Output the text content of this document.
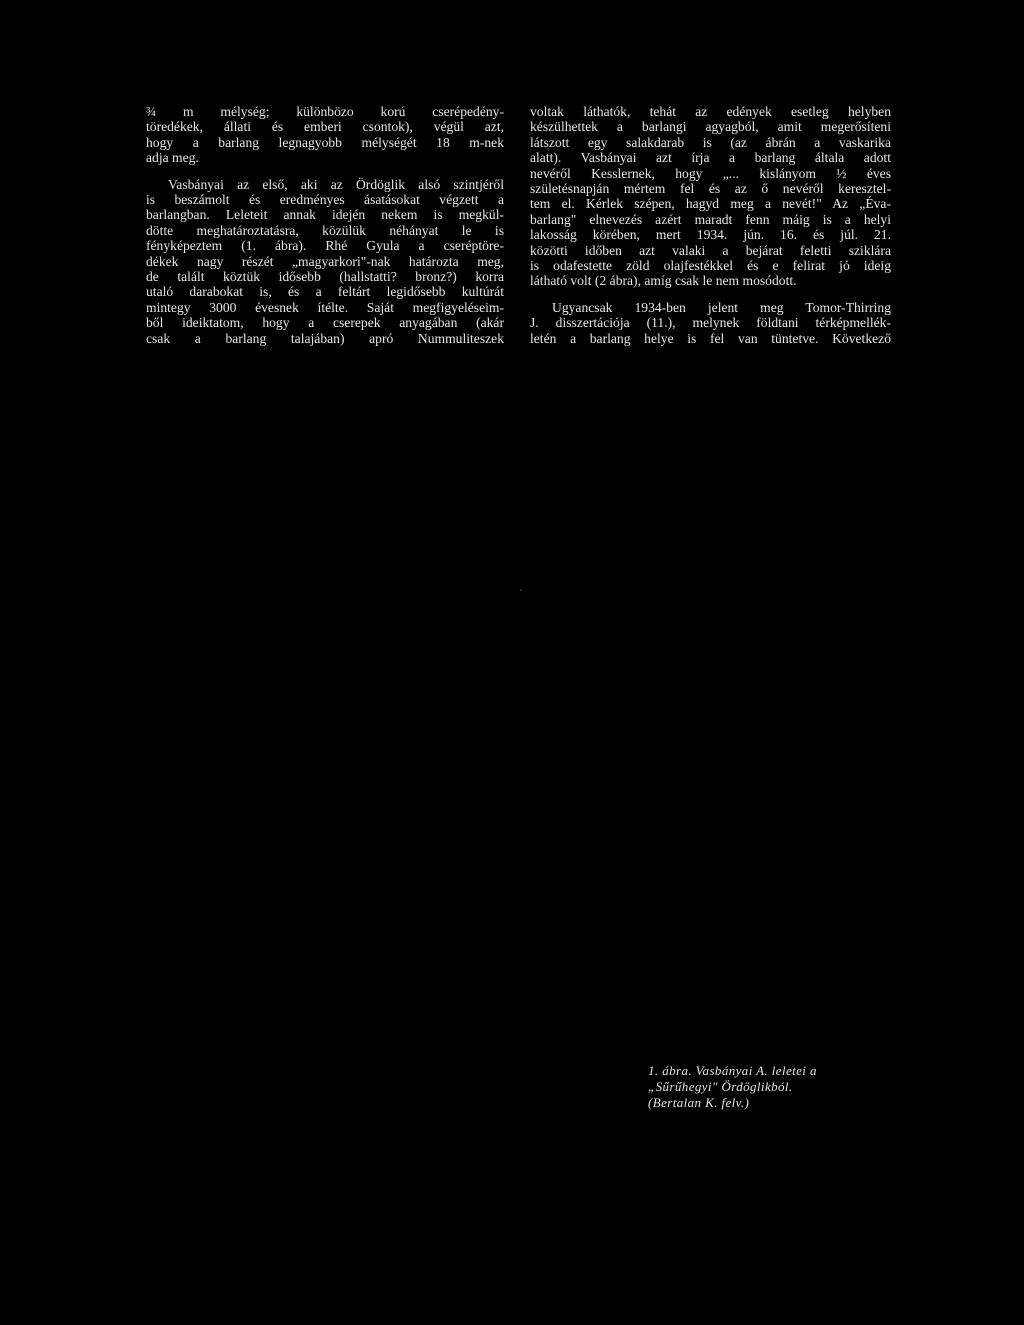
¾ m mélység; különbözo korú cserépedény-
töredékek, állati és emberi csontok), végül azt,
hogy a barlang legnagyobb mélységét 18 m-nek
adja meg.
Vasbányai az első, aki az Ördöglik alsó szintjéről
is beszámolt és eredményes ásatásokat végzett a
barlangban. Leleteit annak idején nekem is megkül-
dötte meghatároztatásra, közülük néhányat le is
fényképeztem (1. ábra). Rhé Gyula a cseréptöre-
dékek nagy részét „magyarkori"-nak határozta meg,
de talált köztük idősebb (hallstatti? bronz?) korra
utaló darabokat is, és a feltárt legidősebb kultúrát
mintegy 3000 évesnek ítélte. Saját megfigyeléseim-
ből ideiktatom, hogy a cserepek anyagában (akár
csak a barlang talajában) apró Nummuliteszek
voltak láthatók, tehát az edények esetleg helyben
készülhettek a barlangi agyagból, amit megerősíteni
látszott egy salakdarab is (az ábrán a vaskarika
alatt). Vasbányai azt írja a barlang általa adott
nevéről Kesslernek, hogy „... kislányom ½ éves
születésnapján mértem fel és az ő nevéről keresztel-
tem el. Kérlek szépen, hagyd meg a nevét!" Az „Éva-
barlang" elnevezés azért maradt fenn máig is a helyi
lakosság körében, mert 1934. jún. 16. és júl. 21.
közötti időben azt valaki a bejárat feletti sziklára
is odafestette zöld olajfestékkel és e felirat jó ideig
látható volt (2 ábra), amíg csak le nem mosódott.
Ugyancsak 1934-ben jelent meg Tomor-Thirring
J. disszertációja (11.), melynek földtani térképmellék-
letén a barlang helye is fel van tüntetve. Következő
1. ábra. Vasbányai A. leletei a
„Sűrűhegyi" Ördöglikból.
(Bertalan K. felv.)
